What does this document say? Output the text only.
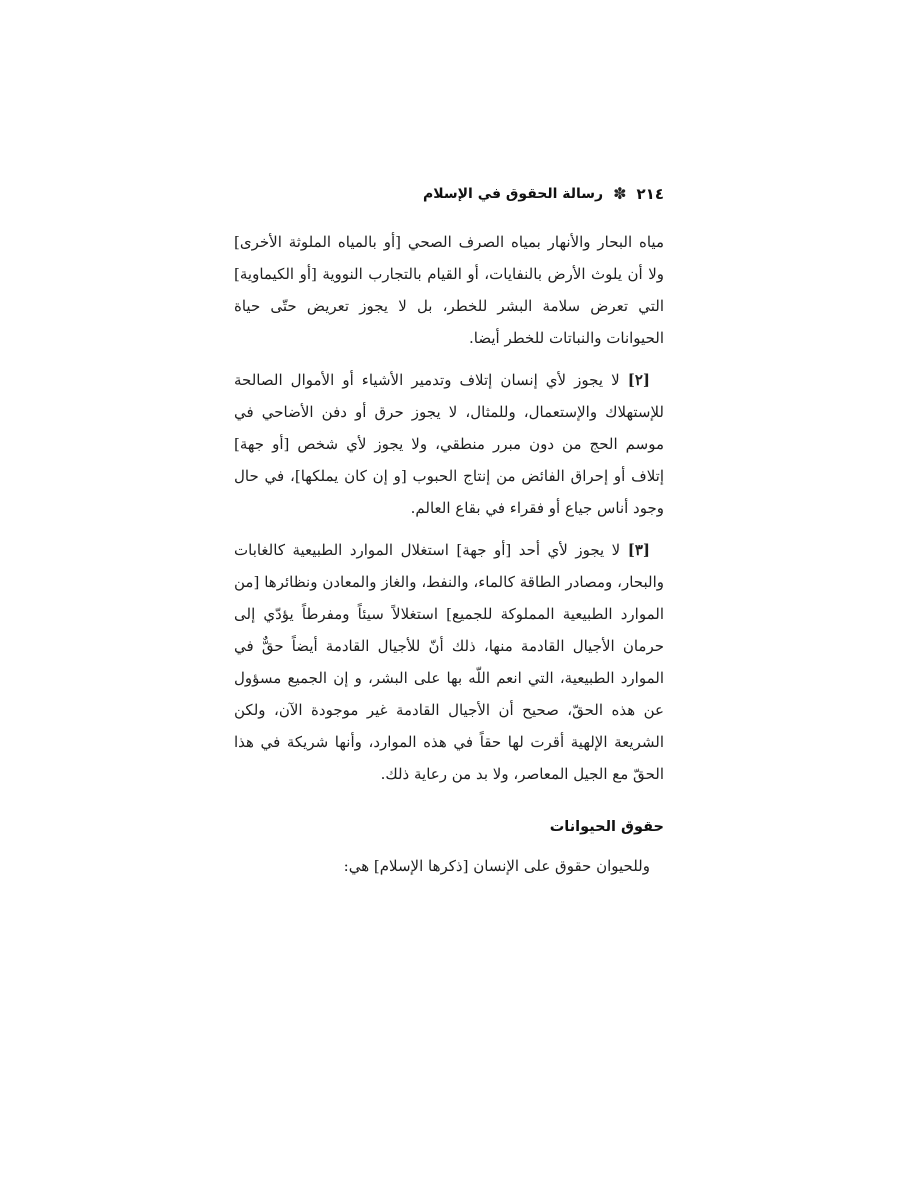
٢١٤
✽
رسالة الحقوق في الإسلام

مياه البحار والأنهار بمياه الصرف الصحي [أو بالمياه الملوثة الأخرى] ولا أن يلوث الأرض بالنفايات، أو القيام بالتجارب النووية [أو الكيماوية] التي تعرض سلامة البشر للخطر، بل لا يجوز تعريض حتّى حياة الحيوانات والنباتات للخطر أيضا.

[٢] لا يجوز لأي إنسان إتلاف وتدمير الأشياء أو الأموال الصالحة للإستهلاك والإستعمال، وللمثال، لا يجوز حرق أو دفن الأضاحي في موسم الحج من دون مبرر منطقي، ولا يجوز لأي شخص [أو جهة] إتلاف أو إحراق الفائض من إنتاج الحبوب [و إن كان يملكها]، في حال وجود أناس جياع أو فقراء في بقاع العالم.

[٣] لا يجوز لأي أحد [أو جهة] استغلال الموارد الطبيعية كالغابات والبحار، ومصادر الطاقة كالماء، والنفط، والغاز والمعادن ونظائرها [من الموارد الطبيعية المملوكة للجميع] استغلالاً سيئاً ومفرطاً يؤدّي إلى حرمان الأجيال القادمة منها، ذلك أنّ للأجيال القادمة أيضاً حقٌّ في الموارد الطبيعية، التي انعم اللّه بها على البشر، و إن الجميع مسؤول عن هذه الحقّ، صحيح أن الأجيال القادمة غير موجودة الآن، ولكن الشريعة الإلهية أقرت لها حقاً في هذه الموارد، وأنها شريكة في هذا الحقّ مع الجيل المعاصر، ولا بد من رعاية ذلك.

حقوق الحيوانات
وللحيوان حقوق على الإنسان [ذكرها الإسلام] هي:
